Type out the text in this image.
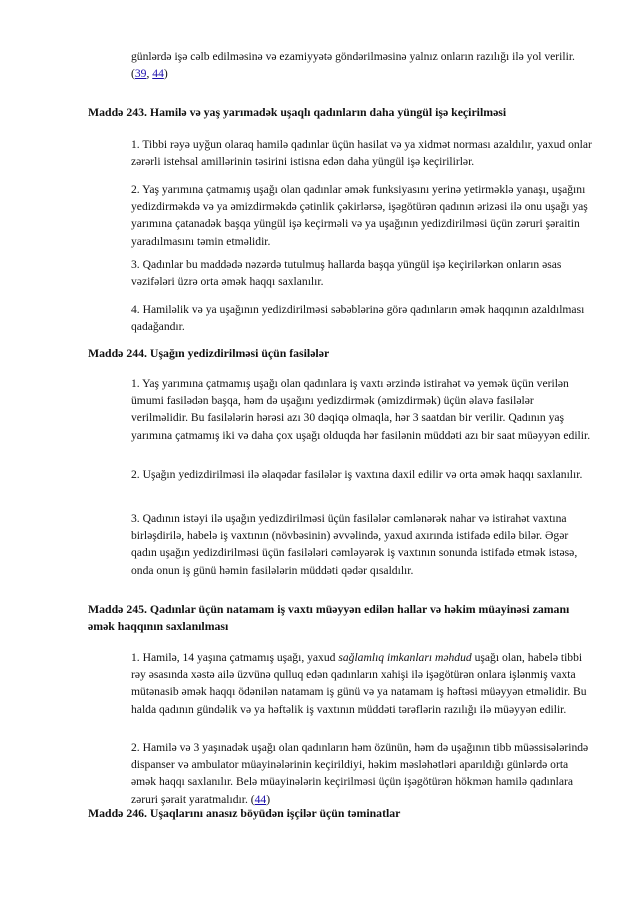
günlərdə işə cəlb edilməsinə və ezamiyyətə göndərilməsinə yalnız onların razılığı ilə yol verilir. (39, 44)

Maddə 243. Hamilə və yaş yarımadək uşaqlı qadınların daha yüngül işə keçirilməsi

1. Tibbi rəyə uyğun olaraq hamilə qadınlar üçün hasilat və ya xidmət norması azaldılır, yaxud onlar zərərli istehsal amillərinin təsirini istisna edən daha yüngül işə keçirilirlər.

2. Yaş yarımına çatmamış uşağı olan qadınlar əmək funksiyasını yerinə yetirməklə yanaşı, uşağını yedizdirməkdə və ya əmizdirməkdə çətinlik çəkirlərsə, işəgötürən qadının ərizəsi ilə onu uşağı yaş yarımına çatanadək başqa yüngül işə keçirməli və ya uşağının yedizdirilməsi üçün zəruri şəraitin yaradılmasını təmin etməlidir.

3. Qadınlar bu maddədə nəzərdə tutulmuş hallarda başqa yüngül işə keçirilərkən onların əsas vəzifələri üzrə orta əmək haqqı saxlanılır.

4. Hamiləlik və ya uşağının yedizdirilməsi səbəblərinə görə qadınların əmək haqqının azaldılması qadağandır.

Maddə 244. Uşağın yedizdirilməsi üçün fasilələr

1. Yaş yarımına çatmamış uşağı olan qadınlara iş vaxtı ərzində istirahət və yemək üçün verilən ümumi fasilədən başqa, həm də uşağını yedizdirmək (əmizdirmək) üçün əlavə fasilələr verilməlidir. Bu fasilələrin hərəsi azı 30 dəqiqə olmaqla, hər 3 saatdan bir verilir. Qadının yaş yarımına çatmamış iki və daha çox uşağı olduqda hər fasilənin müddəti azı bir saat müəyyən edilir.

2. Uşağın yedizdirilməsi ilə əlaqədar fasilələr iş vaxtına daxil edilir və orta əmək haqqı saxlanılır.

3. Qadının istəyi ilə uşağın yedizdirilməsi üçün fasilələr cəmlənərək nahar və istirahət vaxtına birləşdirilə, habelə iş vaxtının (növbəsinin) əvvəlində, yaxud axırında istifadə edilə bilər. Əgər qadın uşağın yedizdirilməsi üçün fasilələri cəmləyərək iş vaxtının sonunda istifadə etmək istəsə, onda onun iş günü həmin fasilələrin müddəti qədər qısaldılır.

Maddə 245. Qadınlar üçün natamam iş vaxtı müəyyən edilən hallar və həkim müayinəsi zamanı əmək haqqının saxlanılması

1. Hamilə, 14 yaşına çatmamış uşağı, yaxud sağlamlıq imkanları məhdud uşağı olan, habelə tibbi rəy əsasında xəstə ailə üzvünə qulluq edən qadınların xahişi ilə işəgötürən onlara işlənmiş vaxta mütənasib əmək haqqı ödənilən natamam iş günü və ya natamam iş həftəsi müəyyən etməlidir. Bu halda qadının gündəlik və ya həftəlik iş vaxtının müddəti tərəflərin razılığı ilə müəyyən edilir.

2. Hamilə və 3 yaşınadək uşağı olan qadınların həm özünün, həm də uşağının tibb müəssisələrində dispanser və ambulator müayinələrinin keçirildiyi, həkim məsləhətləri aparıldığı günlərdə orta əmək haqqı saxlanılır. Belə müayinələrin keçirilməsi üçün işəgötürən hökmən hamilə qadınlara zəruri şərait yaratmalıdır. (44)

Maddə 246. Uşaqlarını anasız böyüdən işçilər üçün təminatlar
